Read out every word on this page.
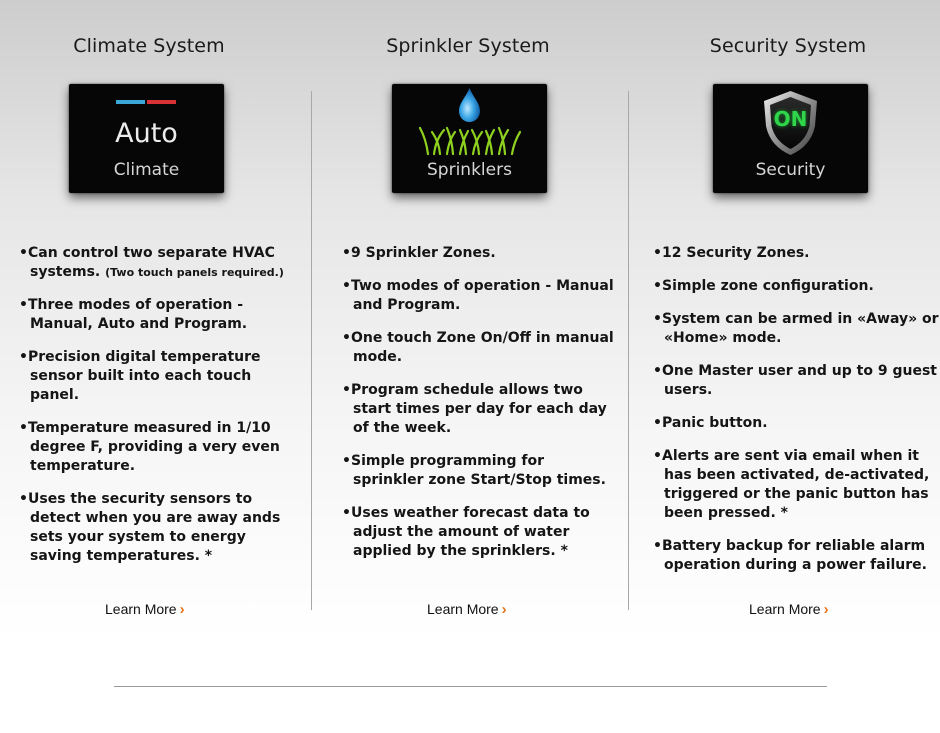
Climate System
Auto
Climate
• Can control two separate HVAC systems. (Two touch panels required.)
• Three modes of operation - Manual, Auto and Program.
• Precision digital temperature sensor built into each touch panel.
• Temperature measured in 1/10 degree F, providing a very even temperature.
• Uses the security sensors to detect when you are away ands sets your system to energy saving temperatures. *
Learn More ›
Sprinkler System
Sprinklers
• 9 Sprinkler Zones.
• Two modes of operation - Manual and Program.
• One touch Zone On/Off in manual mode.
• Program schedule allows two start times per day for each day of the week.
• Simple programming for sprinkler zone Start/Stop times.
• Uses weather forecast data to adjust the amount of water applied by the sprinklers. *
Learn More ›
Security System
ON
Security
• 12 Security Zones.
• Simple zone configuration.
• System can be armed in «Away» or «Home» mode.
• One Master user and up to 9 guest users.
• Panic button.
• Alerts are sent via email when it has been activated, de-activated, triggered or the panic button has been pressed. *
• Battery backup for reliable alarm operation during a power failure.
Learn More ›
